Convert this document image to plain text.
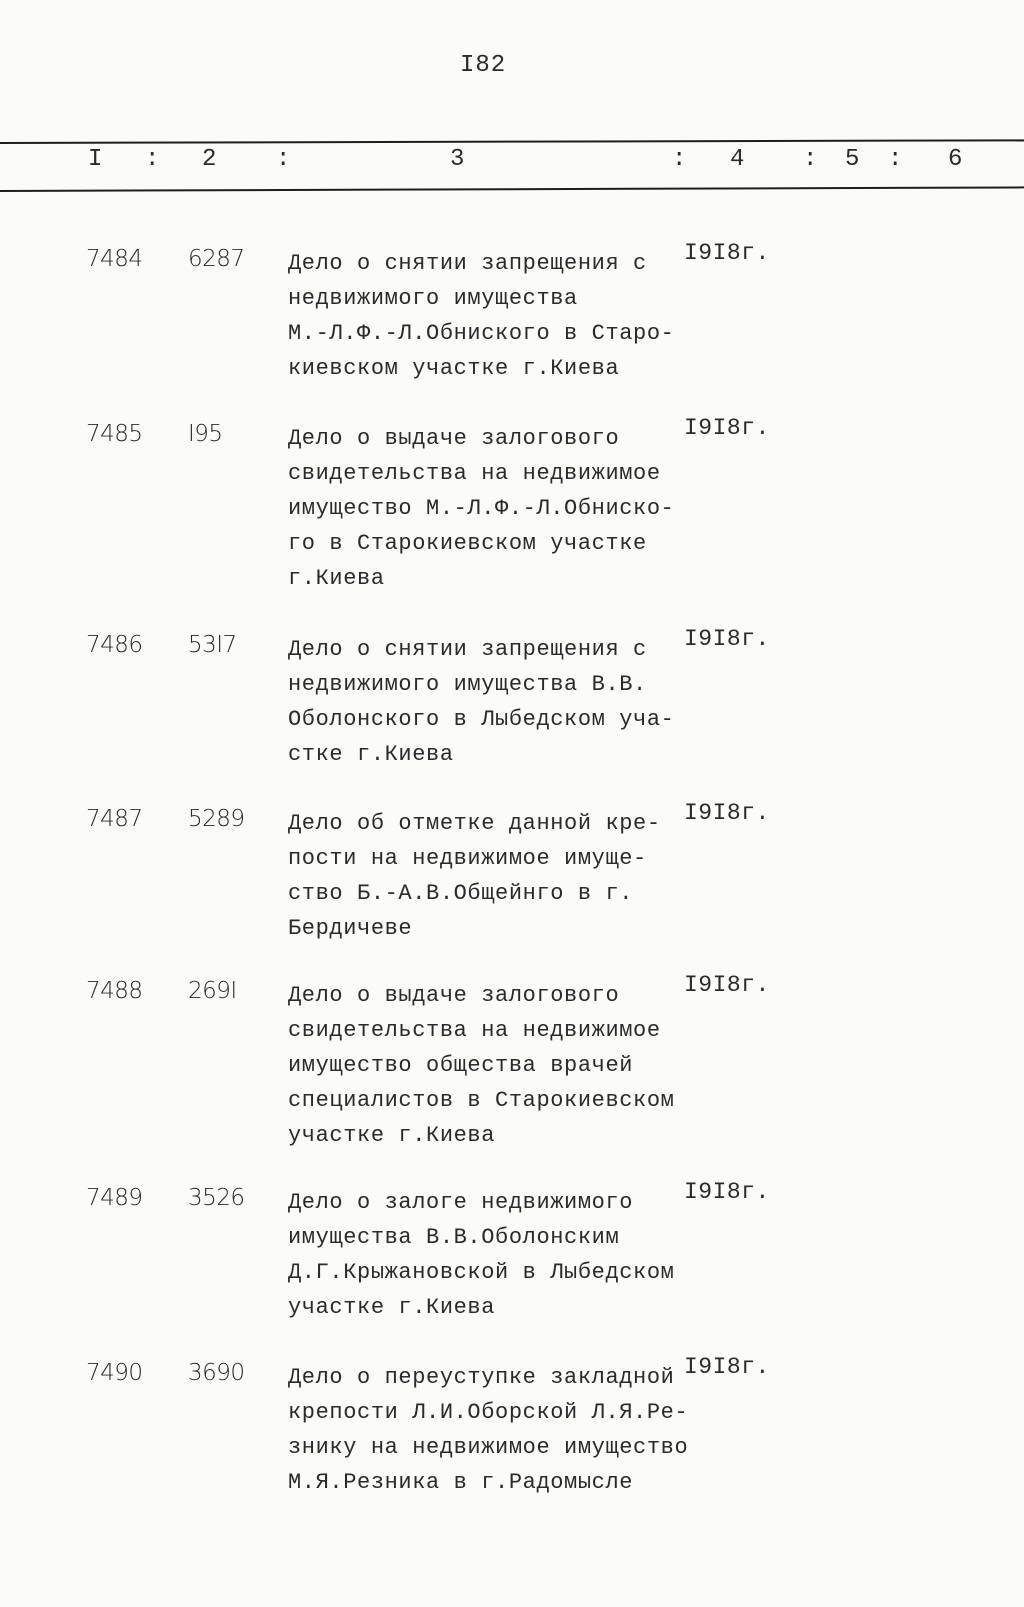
I82
I : 2 :	3	: 4 : 5 : 6
7484 6287 Дело о снятии запрещения с
недвижимого имущества
М.-Л.Ф.-Л.Обниского в Старо-
киевском участке г.Киева
I9I8г.
7485 I95	Дело о выдаче залогового
свидетельства на недвижимое
имущество М.-Л.Ф.-Л.Обниско-
го в Старокиевском участке
г.Киева
I9I8г.
7486 53I7 Дело о снятии запрещения с
недвижимого имущества В.В.
Оболонского в Лыбедском уча-
стке г.Киева
I9I8г.
7487 5289 Дело об отметке данной кре-
пости на недвижимое имуще-
ство Б.-А.В.Общейнго в г.
Бердичеве
I9I8г.
7488 269I Дело о выдаче залогового
свидетельства на недвижимое
имущество общества врачей
специалистов в Старокиевском
участке г.Киева
I9I8г.
7489 3526 Дело о залоге недвижимого
имущества В.В.Оболонским
Д.Г.Крыжановской в Лыбедском
участке г.Киева
I9I8г.
7490 3690 Дело о переуступке закладной
крепости Л.И.Оборской Л.Я.Ре-
знику на недвижимое имущество
М.Я.Резника в г.Радомысле
I9I8г.
